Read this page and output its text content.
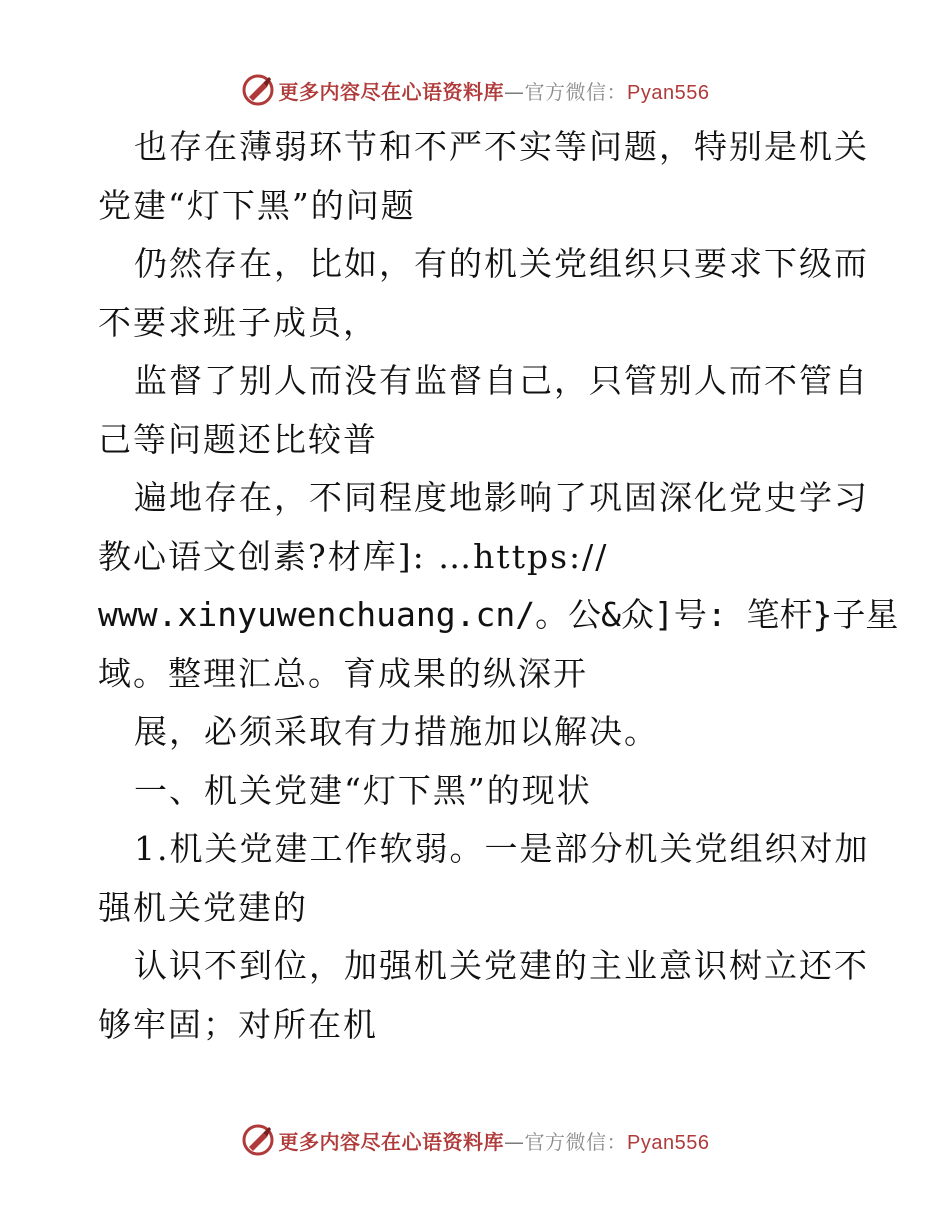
更多内容尽在心语资料库—官方微信：Pyan556
也存在薄弱环节和不严不实等问题，特别是机关
党建“灯下黑”的问题
仍然存在，比如，有的机关党组织只要求下级而
不要求班子成员，
监督了别人而没有监督自己，只管别人而不管自
己等问题还比较普
遍地存在，不同程度地影响了巩固深化党史学习
教心语文创素?材库]: …https://
www.xinyuwenchuang.cn/。公&众]号: 笔杆}子星
域。整理汇总。育成果的纵深开
展，必须采取有力措施加以解决。
一、机关党建“灯下黑”的现状
1.机关党建工作软弱。一是部分机关党组织对加
强机关党建的
认识不到位，加强机关党建的主业意识树立还不
够牢固；对所在机
更多内容尽在心语资料库—官方微信：Pyan556
